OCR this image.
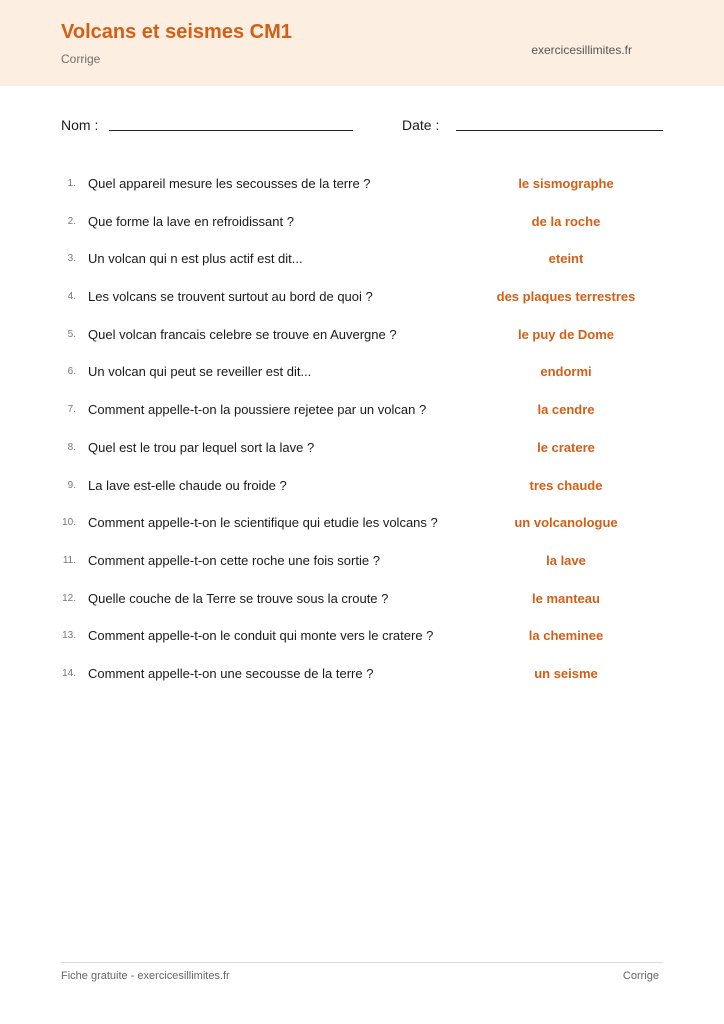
Volcans et seismes CM1
Corrige
exercicesillimites.fr
Nom :	Date :
1. Quel appareil mesure les secousses de la terre ?	le sismographe
2. Que forme la lave en refroidissant ?	de la roche
3. Un volcan qui n est plus actif est dit...	eteint
4. Les volcans se trouvent surtout au bord de quoi ?	des plaques terrestres
5. Quel volcan francais celebre se trouve en Auvergne ?	le puy de Dome
6. Un volcan qui peut se reveiller est dit...	endormi
7. Comment appelle-t-on la poussiere rejetee par un volcan ?	la cendre
8. Quel est le trou par lequel sort la lave ?	le cratere
9. La lave est-elle chaude ou froide ?	tres chaude
10. Comment appelle-t-on le scientifique qui etudie les volcans ?	un volcanologue
11. Comment appelle-t-on cette roche une fois sortie ?	la lave
12. Quelle couche de la Terre se trouve sous la croute ?	le manteau
13. Comment appelle-t-on le conduit qui monte vers le cratere ?	la cheminee
14. Comment appelle-t-on une secousse de la terre ?	un seisme
Fiche gratuite - exercicesillimites.fr	Corrige
